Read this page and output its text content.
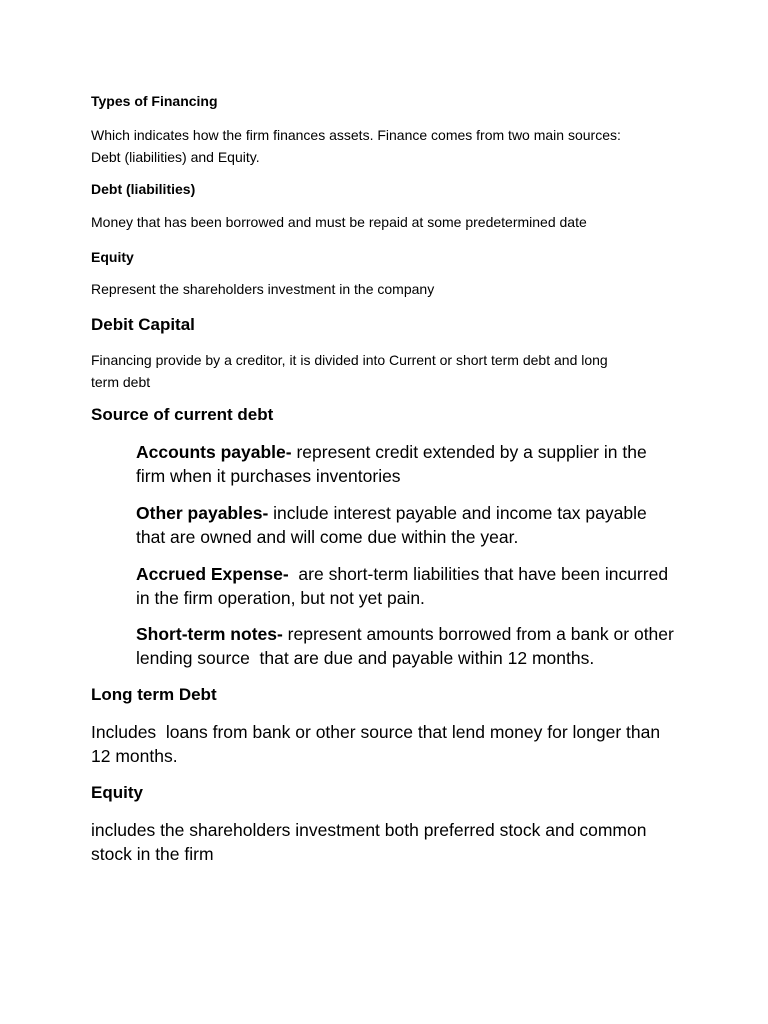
Types of Financing

Which indicates how the firm finances assets. Finance comes from two main sources:
Debt (liabilities) and Equity.

Debt (liabilities)

Money that has been borrowed and must be repaid at some predetermined date

Equity

Represent the shareholders investment in the company

Debit Capital

Financing provide by a creditor, it is divided into Current or short term debt and long
term debt

Source of current debt

Accounts payable- represent credit extended by a supplier in the
firm when it purchases inventories

Other payables- include interest payable and income tax payable
that are owned and will come due within the year.

Accrued Expense-  are short-term liabilities that have been incurred
in the firm operation, but not yet pain.

Short-term notes- represent amounts borrowed from a bank or other
lending source  that are due and payable within 12 months.

Long term Debt

Includes  loans from bank or other source that lend money for longer than
12 months.

Equity

includes the shareholders investment both preferred stock and common
stock in the firm
